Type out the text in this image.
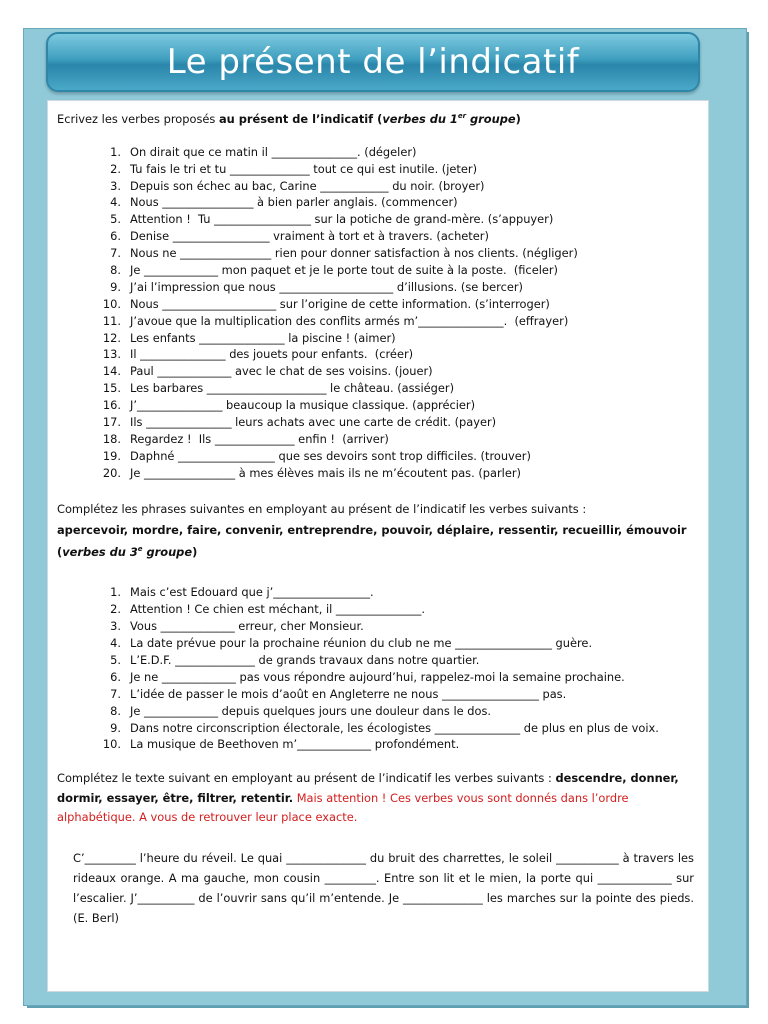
Le présent de l’indicatif

Ecrivez les verbes proposés au présent de l’indicatif (verbes du 1er groupe)

1. On dirait que ce matin il _______________. (dégeler)
2. Tu fais le tri et tu ______________ tout ce qui est inutile. (jeter)
3. Depuis son échec au bac, Carine ____________ du noir. (broyer)
4. Nous ________________ à bien parler anglais. (commencer)
5. Attention !  Tu _________________ sur la potiche de grand-mère. (s’appuyer)
6. Denise _________________ vraiment à tort et à travers. (acheter)
7. Nous ne ________________ rien pour donner satisfaction à nos clients. (négliger)
8. Je _____________ mon paquet et je le porte tout de suite à la poste.  (ficeler)
9. J’ai l’impression que nous ____________________ d’illusions. (se bercer)
10. Nous ____________________ sur l’origine de cette information. (s’interroger)
11. J’avoue que la multiplication des conflits armés m’_______________.  (effrayer)
12. Les enfants _______________ la piscine ! (aimer)
13. Il _______________ des jouets pour enfants.  (créer)
14. Paul _____________ avec le chat de ses voisins. (jouer)
15. Les barbares _____________________ le château. (assiéger)
16. J’_______________ beaucoup la musique classique. (apprécier)
17. Ils _______________ leurs achats avec une carte de crédit. (payer)
18. Regardez !  Ils ______________ enfin !  (arriver)
19. Daphné _________________ que ses devoirs sont trop difficiles. (trouver)
20. Je ________________ à mes élèves mais ils ne m’écoutent pas. (parler)

Complétez les phrases suivantes en employant au présent de l’indicatif les verbes suivants :

apercevoir, mordre, faire, convenir, entreprendre, pouvoir, déplaire, ressentir, recueillir, émouvoir
(verbes du 3e groupe)

1. Mais c’est Edouard que j’_________________.
2. Attention ! Ce chien est méchant, il _______________.
3. Vous _____________ erreur, cher Monsieur.
4. La date prévue pour la prochaine réunion du club ne me _________________ guère.
5. L’E.D.F. ______________ de grands travaux dans notre quartier.
6. Je ne _____________ pas vous répondre aujourd’hui, rappelez-moi la semaine prochaine.
7. L’idée de passer le mois d’août en Angleterre ne nous _________________ pas.
8. Je _____________ depuis quelques jours une douleur dans le dos.
9. Dans notre circonscription électorale, les écologistes _______________ de plus en plus de voix.
10. La musique de Beethoven m’_____________ profondément.

Complétez le texte suivant en employant au présent de l’indicatif les verbes suivants : descendre, donner, dormir, essayer, être, filtrer, retentir. Mais attention ! Ces verbes vous sont donnés dans l’ordre alphabétique. A vous de retrouver leur place exacte.

C’_________ l’heure du réveil. Le quai ______________ du bruit des charrettes, le soleil ___________ à travers les rideaux orange. A ma gauche, mon cousin _________. Entre son lit et le mien, la porte qui _____________ sur l’escalier. J’__________ de l’ouvrir sans qu’il m’entende. Je ______________ les marches sur la pointe des pieds. (E. Berl)
